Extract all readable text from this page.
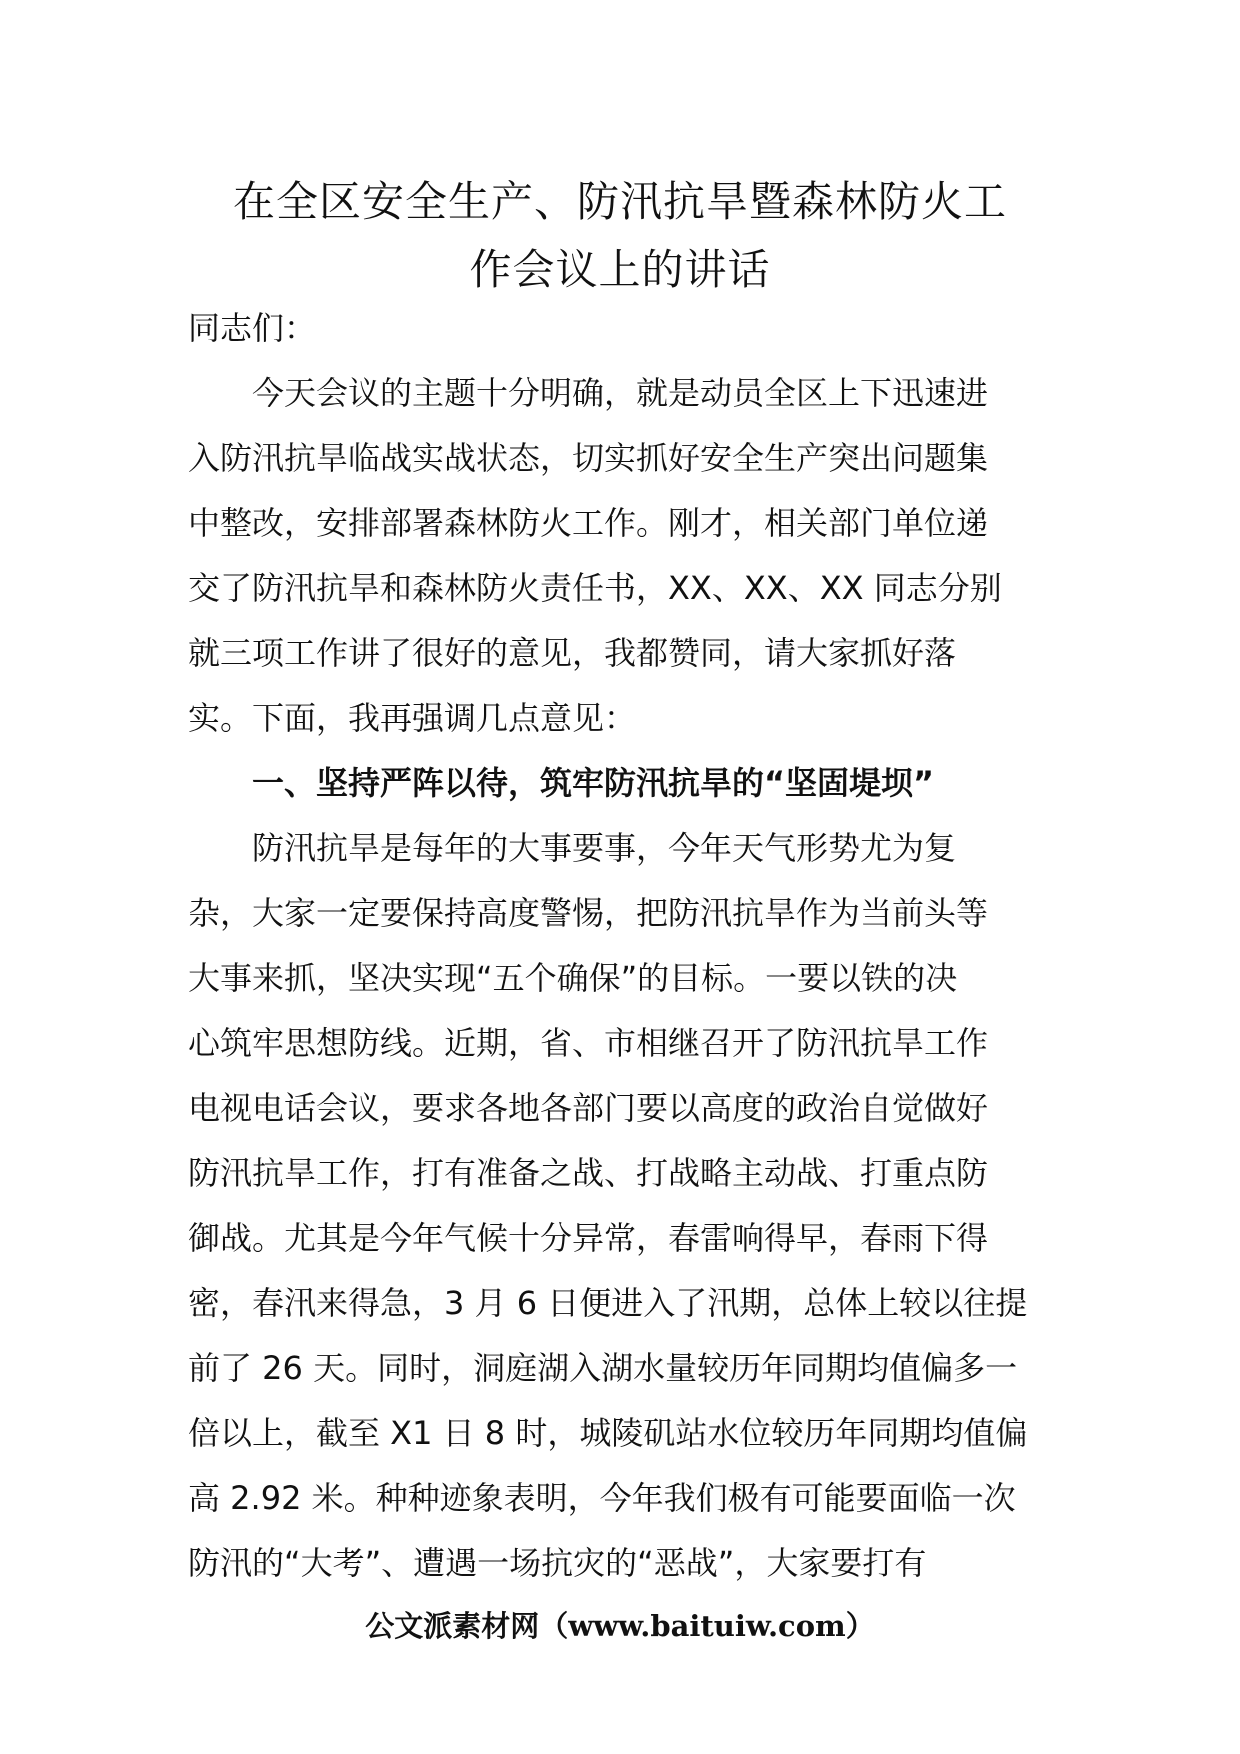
在全区安全生产、防汛抗旱暨森林防火工
作会议上的讲话
同志们：
今天会议的主题十分明确，就是动员全区上下迅速进
入防汛抗旱临战实战状态，切实抓好安全生产突出问题集
中整改，安排部署森林防火工作。刚才，相关部门单位递
交了防汛抗旱和森林防火责任书，XX、XX、XX 同志分别
就三项工作讲了很好的意见，我都赞同，请大家抓好落
实。下面，我再强调几点意见：
一、坚持严阵以待，筑牢防汛抗旱的“坚固堤坝”
防汛抗旱是每年的大事要事，今年天气形势尤为复
杂，大家一定要保持高度警惕，把防汛抗旱作为当前头等
大事来抓，坚决实现“五个确保”的目标。一要以铁的决
心筑牢思想防线。近期，省、市相继召开了防汛抗旱工作
电视电话会议，要求各地各部门要以高度的政治自觉做好
防汛抗旱工作，打有准备之战、打战略主动战、打重点防
御战。尤其是今年气候十分异常，春雷响得早，春雨下得
密，春汛来得急，3 月 6 日便进入了汛期，总体上较以往提
前了 26 天。同时，洞庭湖入湖水量较历年同期均值偏多一
倍以上，截至 X1 日 8 时，城陵矶站水位较历年同期均值偏
高 2.92 米。种种迹象表明，今年我们极有可能要面临一次
防汛的“大考”、遭遇一场抗灾的“恶战”，大家要打有
公文派素材网（www.baituiw.com）
